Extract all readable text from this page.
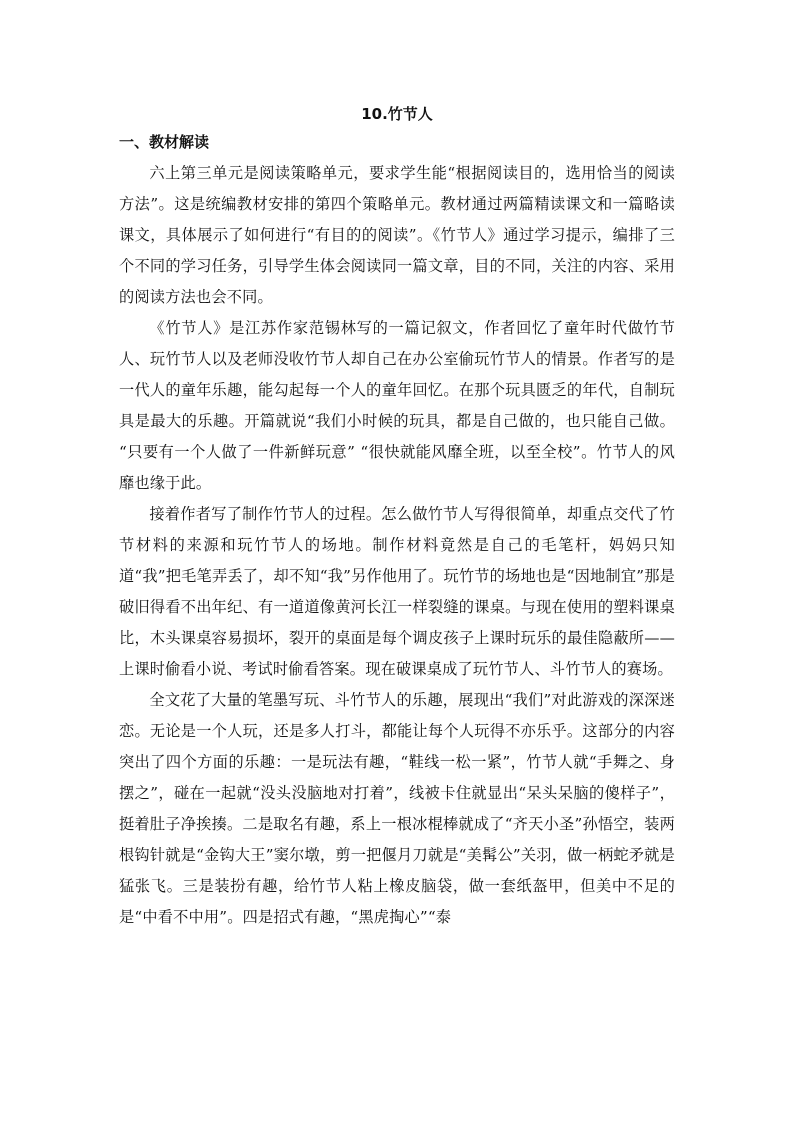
10.竹节人
一、教材解读

六上第三单元是阅读策略单元，要求学生能“根据阅读目的，选用恰当的阅读方法”。这是统编教材安排的第四个策略单元。教材通过两篇精读课文和一篇略读课文，具体展示了如何进行“有目的的阅读”。《竹节人》通过学习提示，编排了三个不同的学习任务，引导学生体会阅读同一篇文章，目的不同，关注的内容、采用的阅读方法也会不同。

《竹节人》是江苏作家范锡林写的一篇记叙文，作者回忆了童年时代做竹节人、玩竹节人以及老师没收竹节人却自己在办公室偷玩竹节人的情景。作者写的是一代人的童年乐趣，能勾起每一个人的童年回忆。在那个玩具匮乏的年代，自制玩具是最大的乐趣。开篇就说“我们小时候的玩具，都是自己做的，也只能自己做。 “只要有一个人做了一件新鲜玩意” “很快就能风靡全班，以至全校”。竹节人的风靡也缘于此。

接着作者写了制作竹节人的过程。怎么做竹节人写得很简单，却重点交代了竹节材料的来源和玩竹节人的场地。制作材料竟然是自己的毛笔杆，妈妈只知道“我”把毛笔弄丢了，却不知“我”另作他用了。玩竹节的场地也是“因地制宜”那是破旧得看不出年纪、有一道道像黄河长江一样裂缝的课桌。与现在使用的塑料课桌比，木头课桌容易损坏，裂开的桌面是每个调皮孩子上课时玩乐的最佳隐蔽所——上课时偷看小说、考试时偷看答案。现在破课桌成了玩竹节人、斗竹节人的赛场。

全文花了大量的笔墨写玩、斗竹节人的乐趣，展现出“我们”对此游戏的深深迷恋。无论是一个人玩，还是多人打斗，都能让每个人玩得不亦乐乎。这部分的内容突出了四个方面的乐趣：一是玩法有趣，“鞋线一松一紧”，竹节人就“手舞之、身摆之”，碰在一起就“没头没脑地对打着”，线被卡住就显出“呆头呆脑的傻样子”，挺着肚子净挨揍。二是取名有趣，系上一根冰棍棒就成了“齐天小圣”孙悟空，装两根钩针就是“金钩大王”窦尔墩，剪一把偃月刀就是“美髯公”关羽，做一柄蛇矛就是猛张飞。三是装扮有趣，给竹节人粘上橡皮脑袋，做一套纸盔甲，但美中不足的是“中看不中用”。四是招式有趣，“黑虎掏心”“泰
